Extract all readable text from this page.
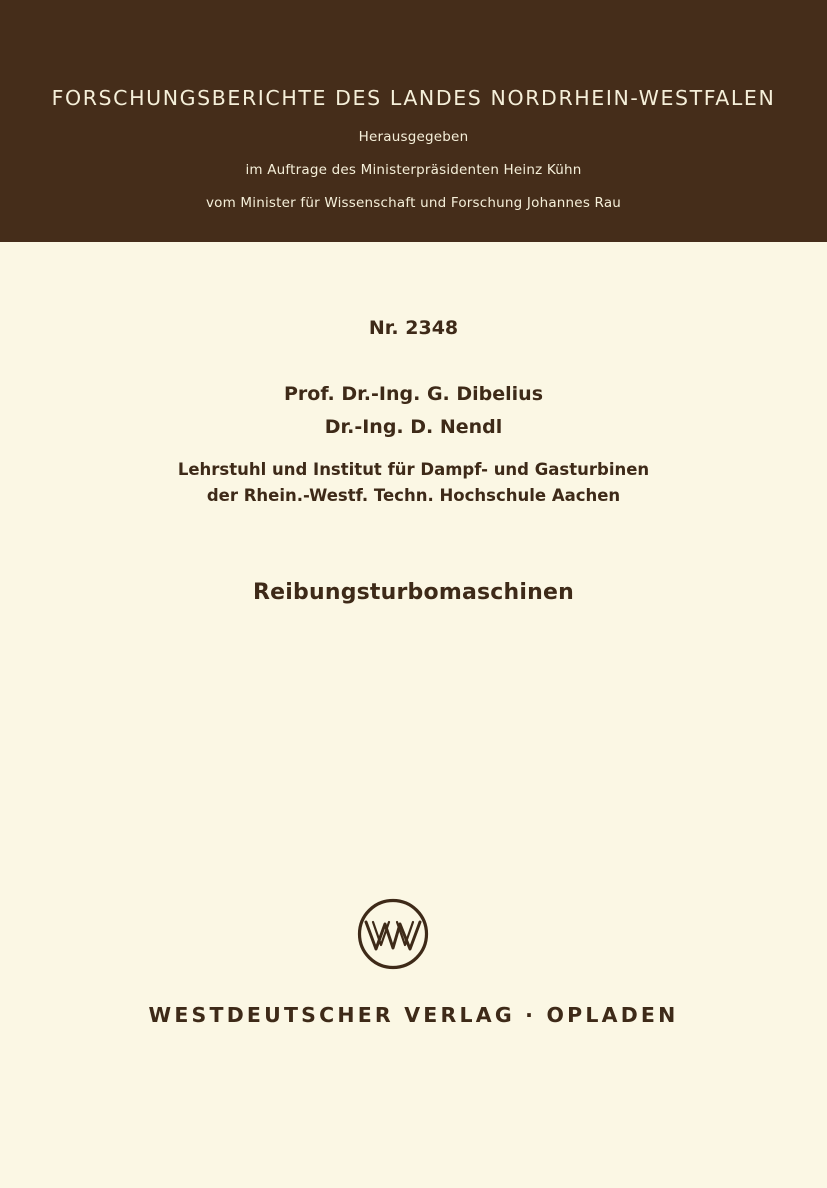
FORSCHUNGSBERICHTE DES LANDES NORDRHEIN-WESTFALEN
Herausgegeben
im Auftrage des Ministerpräsidenten Heinz Kühn
vom Minister für Wissenschaft und Forschung Johannes Rau
Nr. 2348
Prof. Dr.-Ing. G. Dibelius
Dr.-Ing. D. Nendl
Lehrstuhl und Institut für Dampf- und Gasturbinen
der Rhein.-Westf. Techn. Hochschule Aachen
Reibungsturbomaschinen
WESTDEUTSCHER VERLAG · OPLADEN
